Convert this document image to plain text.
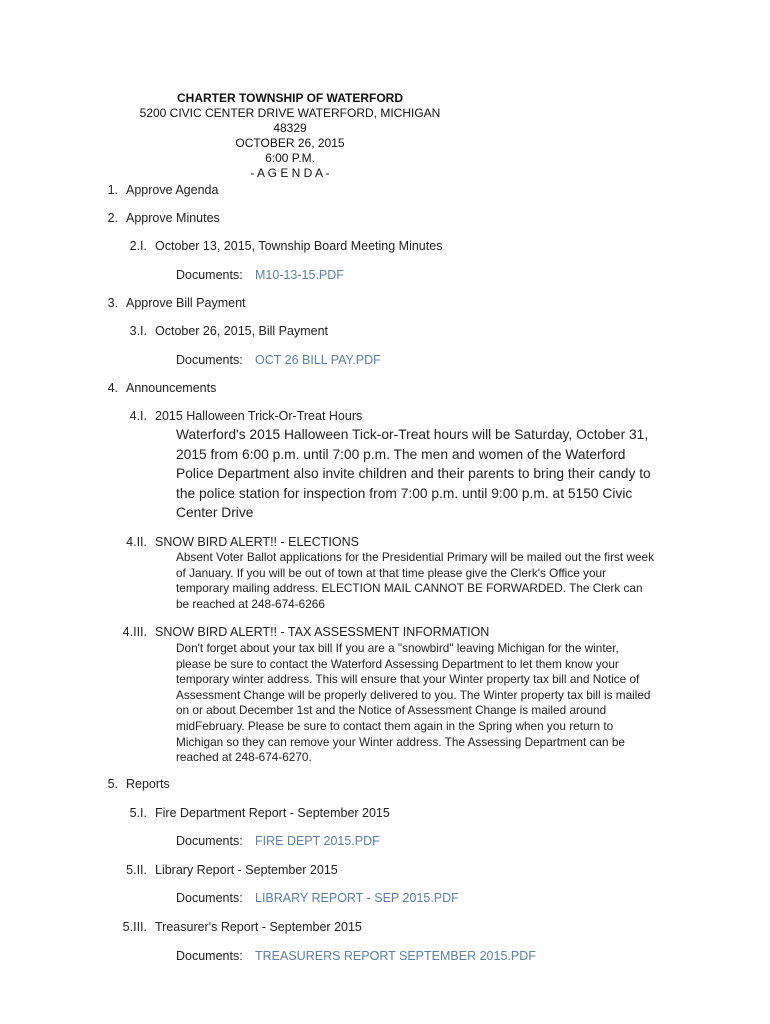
CHARTER TOWNSHIP OF WATERFORD
5200 CIVIC CENTER DRIVE WATERFORD, MICHIGAN
48329
OCTOBER 26, 2015
6:00 P.M.
- A G E N D A -
1. Approve Agenda
2. Approve Minutes
2.I. October 13, 2015, Township Board Meeting Minutes
Documents: M10-13-15.PDF
3. Approve Bill Payment
3.I. October 26, 2015, Bill Payment
Documents: OCT 26 BILL PAY.PDF
4. Announcements
4.I. 2015 Halloween Trick-Or-Treat Hours
Waterford's 2015 Halloween Tick-or-Treat hours will be Saturday, October 31, 2015 from 6:00 p.m. until 7:00 p.m. The men and women of the Waterford Police Department also invite children and their parents to bring their candy to the police station for inspection from 7:00 p.m. until 9:00 p.m. at 5150 Civic Center Drive
4.II. SNOW BIRD ALERT!! - ELECTIONS
Absent Voter Ballot applications for the Presidential Primary will be mailed out the first week of January. If you will be out of town at that time please give the Clerk's Office your temporary mailing address. ELECTION MAIL CANNOT BE FORWARDED. The Clerk can be reached at 248-674-6266
4.III. SNOW BIRD ALERT!! - TAX ASSESSMENT INFORMATION
Don't forget about your tax bill If you are a "snowbird" leaving Michigan for the winter, please be sure to contact the Waterford Assessing Department to let them know your temporary winter address. This will ensure that your Winter property tax bill and Notice of Assessment Change will be properly delivered to you. The Winter property tax bill is mailed on or about December 1st and the Notice of Assessment Change is mailed around midFebruary. Please be sure to contact them again in the Spring when you return to Michigan so they can remove your Winter address. The Assessing Department can be reached at 248-674-6270.
5. Reports
5.I. Fire Department Report - September 2015
Documents: FIRE DEPT 2015.PDF
5.II. Library Report - September 2015
Documents: LIBRARY REPORT - SEP 2015.PDF
5.III. Treasurer's Report - September 2015
Documents: TREASURERS REPORT SEPTEMBER 2015.PDF
